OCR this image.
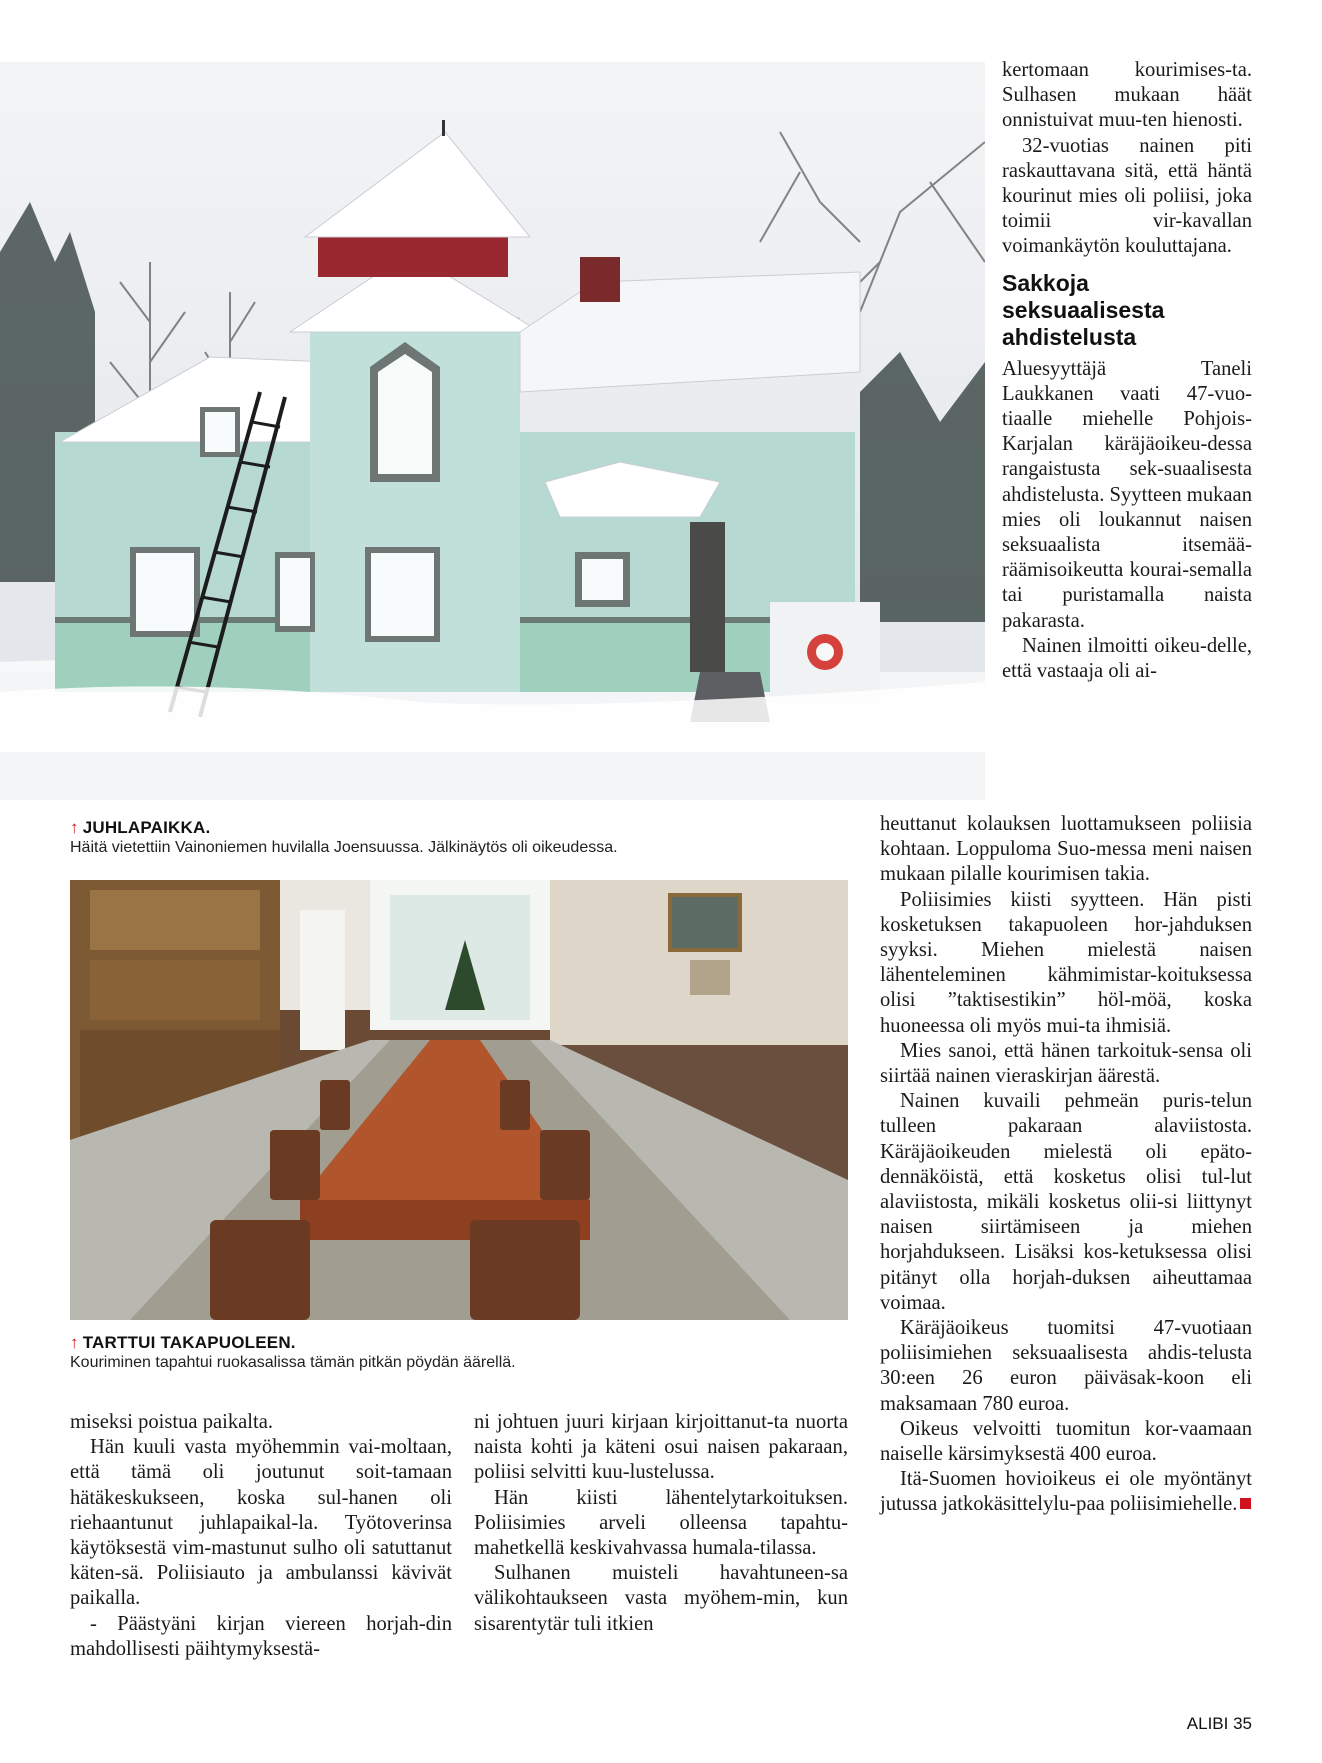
↑ JUHLAPAIKKA.
Häitä vietettiin Vainoniemen huvilalla Joensuussa. Jälkinäytös oli oikeudessa.
↑ TARTTUI TAKAPUOLEEN.
Kouriminen tapahtui ruokasalissa tämän pitkän pöydän äärellä.

kertomaan kourimises-ta. Sulhasen mukaan häät onnistuivat muu-ten hienosti.

32-vuotias nainen piti raskauttavana sitä, että häntä kourinut mies oli poliisi, joka toimii vir-kavallan voimankäytön kouluttajana.

Sakkoja seksuaalisesta ahdistelusta

Aluesyyttäjä Taneli Laukkanen vaati 47-vuo-tiaalle miehelle Pohjois-Karjalan käräjäoikeu-dessa rangaistusta sek-suaalisesta ahdistelusta. Syytteen mukaan mies oli loukannut naisen seksuaalista itsemää-räämisoikeutta kourai-semalla tai puristamalla naista pakarasta.

Nainen ilmoitti oikeu-delle, että vastaaja oli ai-

heuttanut kolauksen luottamukseen poliisia kohtaan. Loppuloma Suo-messa meni naisen mukaan pilalle kourimisen takia.

Poliisimies kiisti syytteen. Hän pisti kosketuksen takapuoleen hor-jahduksen syyksi. Miehen mielestä naisen lähenteleminen kähmimistar-koituksessa olisi ”taktisestikin” höl-möä, koska huoneessa oli myös mui-ta ihmisiä.

Mies sanoi, että hänen tarkoituk-sensa oli siirtää nainen vieraskirjan äärestä.

Nainen kuvaili pehmeän puris-telun tulleen pakaraan alaviistosta. Käräjäoikeuden mielestä oli epäto-dennäköistä, että kosketus olisi tul-lut alaviistosta, mikäli kosketus olii-si liittynyt naisen siirtämiseen ja miehen horjahdukseen. Lisäksi kos-ketuksessa olisi pitänyt olla horjah-duksen aiheuttamaa voimaa.

Käräjäoikeus tuomitsi 47-vuotiaan poliisimiehen seksuaalisesta ahdis-telusta 30:een 26 euron päiväsak-koon eli maksamaan 780 euroa.

Oikeus velvoitti tuomitun kor-vaamaan naiselle kärsimyksestä 400 euroa.

Itä-Suomen hovioikeus ei ole myöntänyt jutussa jatkokäsittelylu-paa poliisimiehelle.

miseksi poistua paikalta.

Hän kuuli vasta myöhemmin vai-moltaan, että tämä oli joutunut soit-tamaan hätäkeskukseen, koska sul-hanen oli riehaantunut juhlapaikal-la. Työtoverinsa käytöksestä vim-mastunut sulho oli satuttanut käten-sä. Poliisiauto ja ambulanssi kävivät paikalla.

- Päästyäni kirjan viereen horjah-din mahdollisesti päihtymyksestä-

ni johtuen juuri kirjaan kirjoittanut-ta nuorta naista kohti ja käteni osui naisen pakaraan, poliisi selvitti kuu-lustelussa.

Hän kiisti lähentelytarkoituksen. Poliisimies arveli olleensa tapahtu-mahetkellä keskivahvassa humala-tilassa.

Sulhanen muisteli havahtuneen-sa välikohtaukseen vasta myöhem-min, kun sisarentytär tuli itkien

ALIBI 35
